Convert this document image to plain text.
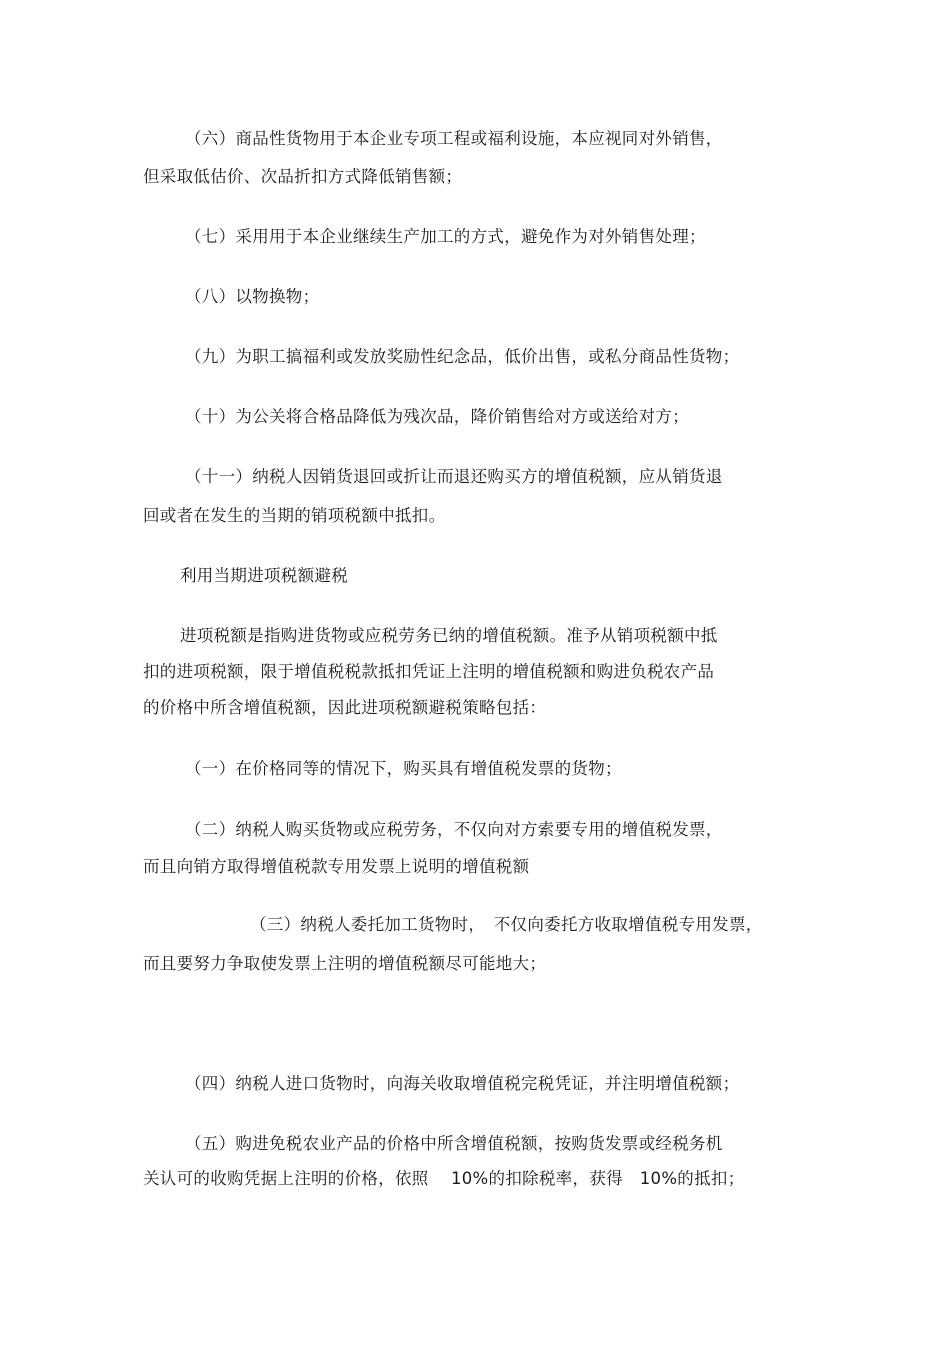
（六）商品性货物用于本企业专项工程或福利设施，本应视同对外销售，
但采取低估价、次品折扣方式降低销售额；
（七）采用用于本企业继续生产加工的方式，避免作为对外销售处理；
（八）以物换物；
（九）为职工搞福利或发放奖励性纪念品，低价出售，或私分商品性货物；
（十）为公关将合格品降低为残次品，降价销售给对方或送给对方；
（十一）纳税人因销货退回或折让而退还购买方的增值税额，应从销货退
回或者在发生的当期的销项税额中抵扣。
利用当期进项税额避税
进项税额是指购进货物或应税劳务已纳的增值税额。准予从销项税额中抵
扣的进项税额，限于增值税税款抵扣凭证上注明的增值税额和购进负税农产品
的价格中所含增值税额，因此进项税额避税策略包括：
（一）在价格同等的情况下，购买具有增值税发票的货物；
（二）纳税人购买货物或应税劳务，不仅向对方索要专用的增值税发票，
而且向销方取得增值税款专用发票上说明的增值税额
（三）纳税人委托加工货物时，　不仅向委托方收取增值税专用发票，
而且要努力争取使发票上注明的增值税额尽可能地大；
（四）纳税人进口货物时，向海关收取增值税完税凭证，并注明增值税额；
（五）购进免税农业产品的价格中所含增值税额，按购货发票或经税务机
关认可的收购凭据上注明的价格，依照　 10%的扣除税率，获得　10%的抵扣；
